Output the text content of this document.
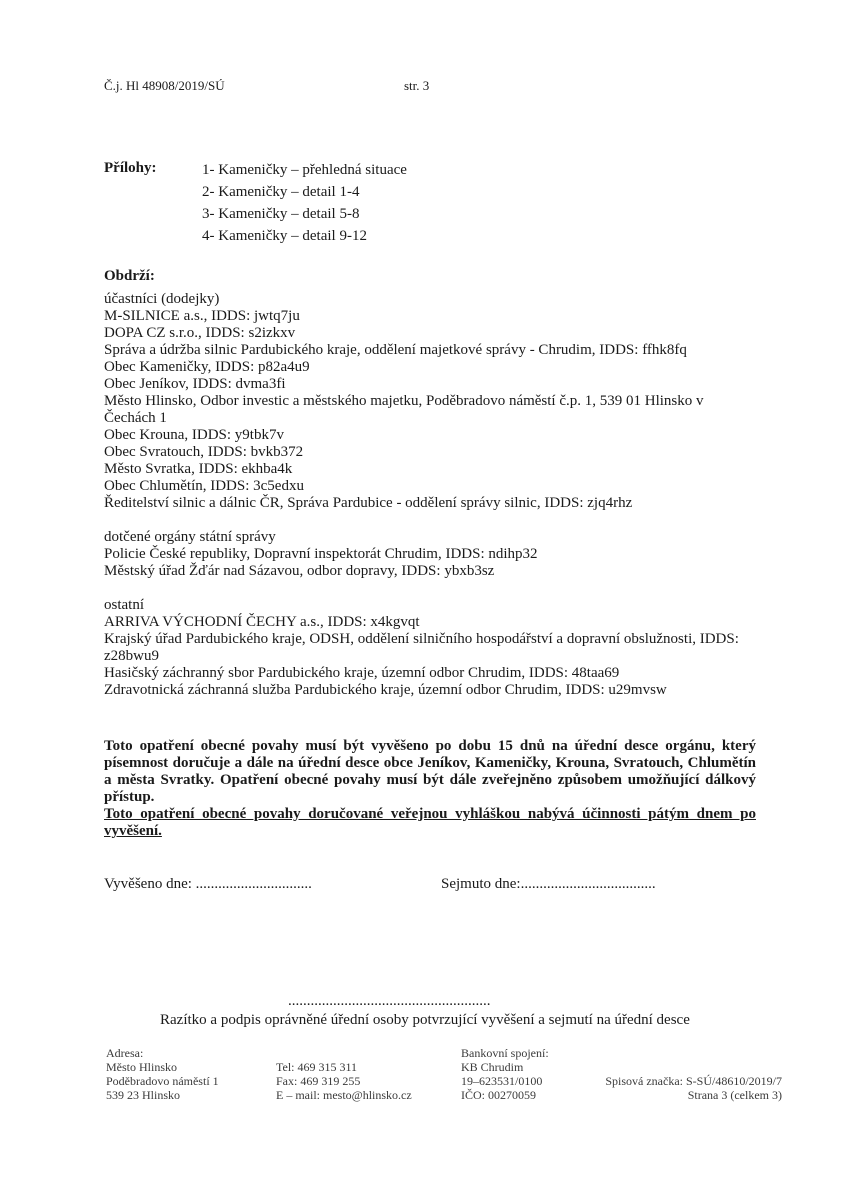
Č.j. Hl 48908/2019/SÚ	str. 3
Přílohy:	1- Kameničky – přehledná situace
2- Kameničky – detail 1-4
3- Kameničky – detail 5-8
4- Kameničky – detail 9-12
Obdrží:
účastníci (dodejky)
M-SILNICE a.s., IDDS: jwtq7ju
DOPA CZ s.r.o., IDDS: s2izkxv
Správa a údržba silnic Pardubického kraje, oddělení majetkové správy - Chrudim, IDDS: ffhk8fq
Obec Kameničky, IDDS: p82a4u9
Obec Jeníkov, IDDS: dvma3fi
Město Hlinsko, Odbor investic a městského majetku, Poděbradovo náměstí č.p. 1, 539 01 Hlinsko v
Čechách 1
Obec Krouna, IDDS: y9tbk7v
Obec Svratouch, IDDS: bvkb372
Město Svratka, IDDS: ekhba4k
Obec Chlumětín, IDDS: 3c5edxu
Ředitelství silnic a dálnic ČR, Správa Pardubice - oddělení správy silnic, IDDS: zjq4rhz
dotčené orgány státní správy
Policie České republiky, Dopravní inspektorát Chrudim, IDDS: ndihp32
Městský úřad Žďár nad Sázavou, odbor dopravy, IDDS: ybxb3sz
ostatní
ARRIVA VÝCHODNÍ ČECHY a.s., IDDS: x4kgvqt
Krajský úřad Pardubického kraje, ODSH, oddělení silničního hospodářství a dopravní obslužnosti, IDDS:
z28bwu9
Hasičský záchranný sbor Pardubického kraje, územní odbor Chrudim, IDDS: 48taa69
Zdravotnická záchranná služba Pardubického kraje, územní odbor Chrudim, IDDS: u29mvsw
Toto opatření obecné povahy musí být vyvěšeno po dobu 15 dnů na úřední desce orgánu, který písemnost doručuje a dále na úřední desce obce Jeníkov, Kameničky, Krouna, Svratouch, Chlumětín a města Svratky. Opatření obecné povahy musí být dále zveřejněno způsobem umožňující dálkový přístup.
Toto opatření obecné povahy doručované veřejnou vyhláškou nabývá účinnosti pátým dnem po vyvěšení.
Vyvěšeno dne: ...............................	Sejmuto dne:....................................
......................................................
Razítko a podpis oprávněné úřední osoby potvrzující vyvěšení a sejmutí na úřední desce
Adresa:
Město Hlinsko
Poděbradovo náměstí 1
539 23 Hlinsko
Tel: 469 315 311
Fax: 469 319 255
E – mail: mesto@hlinsko.cz
Bankovní spojení:
KB Chrudim
19–623531/0100
IČO: 00270059
Spisová značka: S-SÚ/48610/2019/7
Strana 3 (celkem 3)
